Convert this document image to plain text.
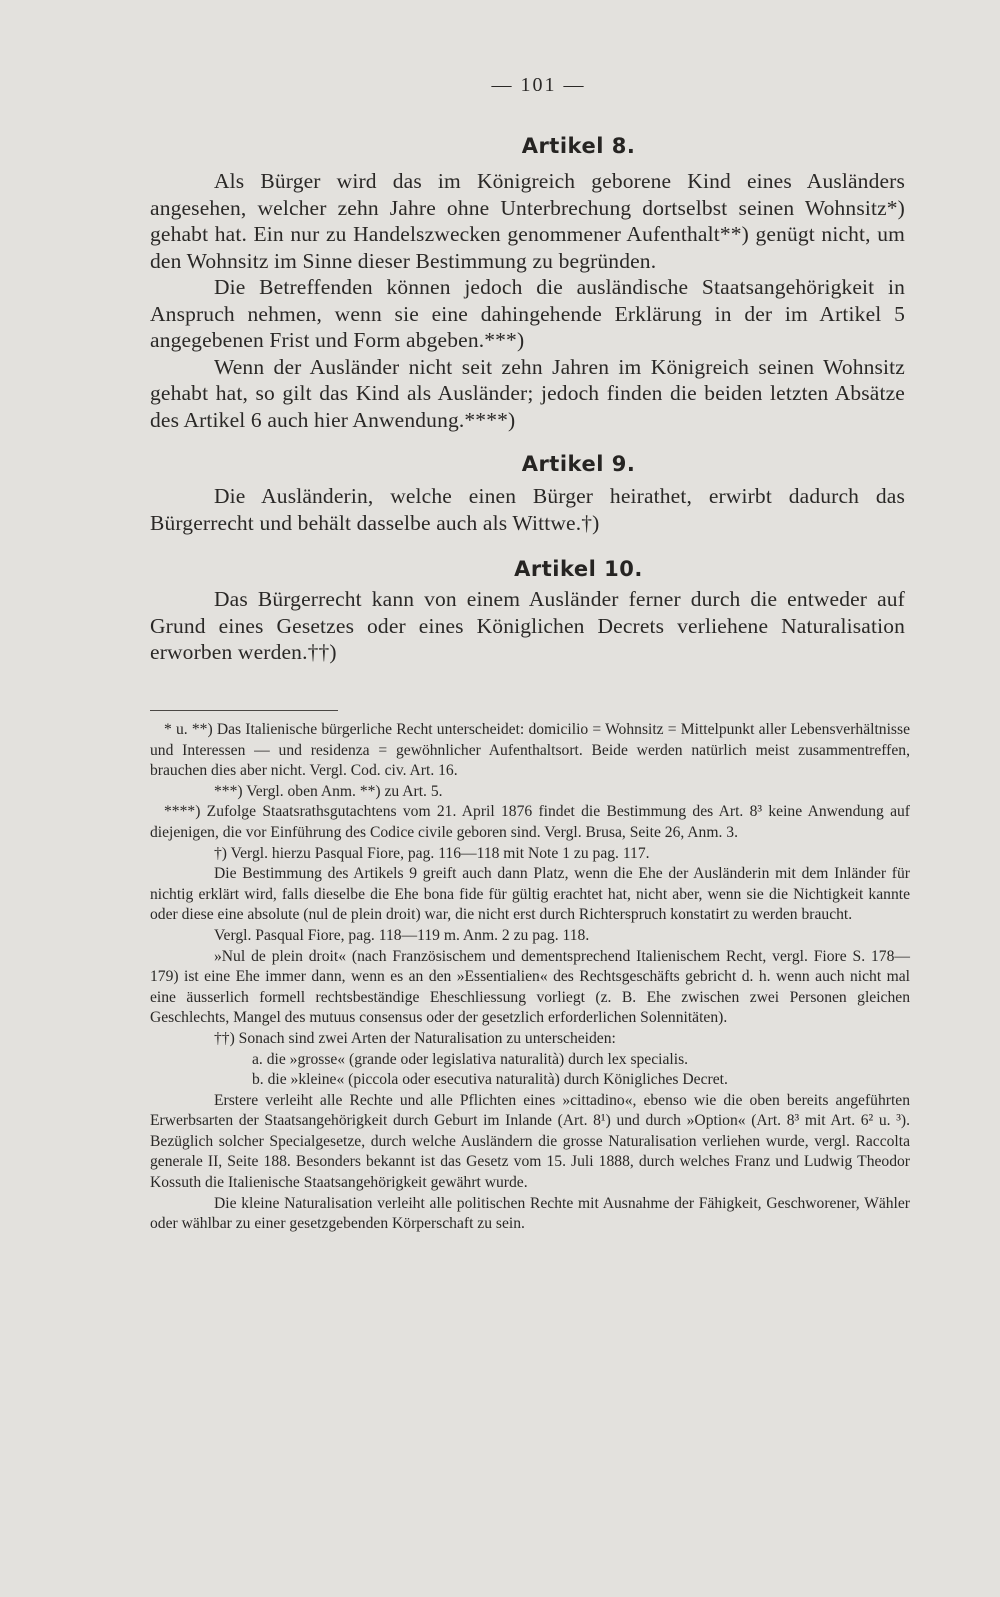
— 101 —

Artikel 8.

Als Bürger wird das im Königreich geborene Kind eines Ausländers angesehen, welcher zehn Jahre ohne Unterbrechung dortselbst seinen Wohnsitz*) gehabt hat. Ein nur zu Handelszwecken genommener Aufenthalt**) genügt nicht, um den Wohnsitz im Sinne dieser Bestimmung zu begründen.

Die Betreffenden können jedoch die ausländische Staatsangehörigkeit in Anspruch nehmen, wenn sie eine dahingehende Erklärung in der im Artikel 5 angegebenen Frist und Form abgeben.***)

Wenn der Ausländer nicht seit zehn Jahren im Königreich seinen Wohnsitz gehabt hat, so gilt das Kind als Ausländer; jedoch finden die beiden letzten Absätze des Artikel 6 auch hier Anwendung.****)

Artikel 9.

Die Ausländerin, welche einen Bürger heirathet, erwirbt dadurch das Bürgerrecht und behält dasselbe auch als Wittwe.†)

Artikel 10.

Das Bürgerrecht kann von einem Ausländer ferner durch die entweder auf Grund eines Gesetzes oder eines Königlichen Decrets verliehene Naturalisation erworben werden.††)

* u. **) Das Italienische bürgerliche Recht unterscheidet: domicilio = Wohnsitz = Mittelpunkt aller Lebensverhältnisse und Interessen — und residenza = gewöhnlicher Aufenthaltsort. Beide werden natürlich meist zusammentreffen, brauchen dies aber nicht. Vergl. Cod. civ. Art. 16.

***) Vergl. oben Anm. **) zu Art. 5.

****) Zufolge Staatsrathsgutachtens vom 21. April 1876 findet die Bestimmung des Art. 8³ keine Anwendung auf diejenigen, die vor Einführung des Codice civile geboren sind. Vergl. Brusa, Seite 26, Anm. 3.

†) Vergl. hierzu Pasqual Fiore, pag. 116—118 mit Note 1 zu pag. 117.

Die Bestimmung des Artikels 9 greift auch dann Platz, wenn die Ehe der Ausländerin mit dem Inländer für nichtig erklärt wird, falls dieselbe die Ehe bona fide für gültig erachtet hat, nicht aber, wenn sie die Nichtigkeit kannte oder diese eine absolute (nul de plein droit) war, die nicht erst durch Richterspruch konstatirt zu werden braucht.

Vergl. Pasqual Fiore, pag. 118—119 m. Anm. 2 zu pag. 118.

»Nul de plein droit« (nach Französischem und dementsprechend Italienischem Recht, vergl. Fiore S. 178—179) ist eine Ehe immer dann, wenn es an den »Essentialien« des Rechtsgeschäfts gebricht d. h. wenn auch nicht mal eine äusserlich formell rechtsbeständige Eheschliessung vorliegt (z. B. Ehe zwischen zwei Personen gleichen Geschlechts, Mangel des mutuus consensus oder der gesetzlich erforderlichen Solennitäten).

††) Sonach sind zwei Arten der Naturalisation zu unterscheiden:

a. die »grosse« (grande oder legislativa naturalità) durch lex specialis.

b. die »kleine« (piccola oder esecutiva naturalità) durch Königliches Decret.

Erstere verleiht alle Rechte und alle Pflichten eines »cittadino«, ebenso wie die oben bereits angeführten Erwerbsarten der Staatsangehörigkeit durch Geburt im Inlande (Art. 8¹) und durch »Option« (Art. 8³ mit Art. 6² u. ³). Bezüglich solcher Specialgesetze, durch welche Ausländern die grosse Naturalisation verliehen wurde, vergl. Raccolta generale II, Seite 188. Besonders bekannt ist das Gesetz vom 15. Juli 1888, durch welches Franz und Ludwig Theodor Kossuth die Italienische Staatsangehörigkeit gewährt wurde.

Die kleine Naturalisation verleiht alle politischen Rechte mit Ausnahme der Fähigkeit, Geschworener, Wähler oder wählbar zu einer gesetzgebenden Körperschaft zu sein.
